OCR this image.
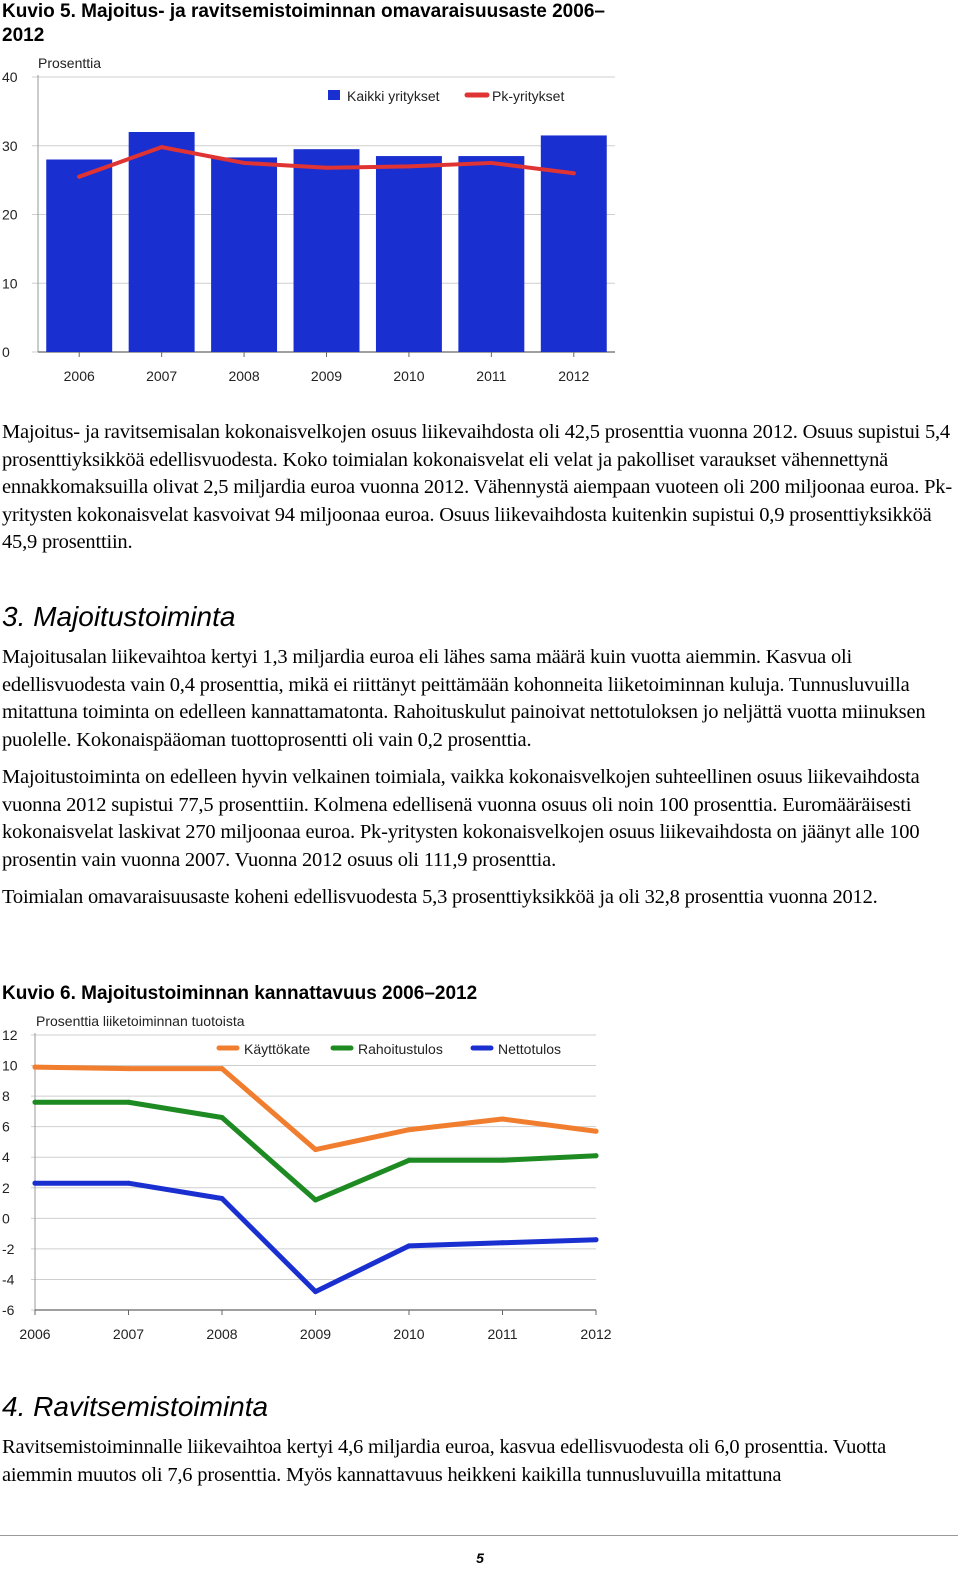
Kuvio 5. Majoitus- ja ravitsemistoiminnan omavaraisuusaste 2006–2012
Prosenttia
0
10
20
30
40
2006	2007	2008	2009	2010	2011	2012
Kaikki yritykset	Pk-yritykset

Majoitus- ja ravitsemisalan kokonaisvelkojen osuus liikevaihdosta oli 42,5 prosenttia vuonna 2012. Osuus supistui 5,4 prosenttiyksikköä edellisvuodesta. Koko toimialan kokonaisvelat eli velat ja pakolliset varaukset vähennettynä ennakkomaksuilla olivat 2,5 miljardia euroa vuonna 2012. Vähennystä aiempaan vuoteen oli 200 miljoonaa euroa. Pk-yritysten kokonaisvelat kasvoivat 94 miljoonaa euroa. Osuus liikevaihdosta kuitenkin supistui 0,9 prosenttiyksikköä 45,9 prosenttiin.

3. Majoitustoiminta

Majoitusalan liikevaihtoa kertyi 1,3 miljardia euroa eli lähes sama määrä kuin vuotta aiemmin. Kasvua oli edellisvuodesta vain 0,4 prosenttia, mikä ei riittänyt peittämään kohonneita liiketoiminnan kuluja. Tunnusluvuilla mitattuna toiminta on edelleen kannattamatonta. Rahoituskulut painoivat nettotuloksen jo neljättä vuotta miinuksen puolelle. Kokonaispääoman tuottoprosentti oli vain 0,2 prosenttia.

Majoitustoiminta on edelleen hyvin velkainen toimiala, vaikka kokonaisvelkojen suhteellinen osuus liikevaihdosta vuonna 2012 supistui 77,5 prosenttiin. Kolmena edellisenä vuonna osuus oli noin 100 prosenttia. Euromääräisesti kokonaisvelat laskivat 270 miljoonaa euroa. Pk-yritysten kokonaisvelkojen osuus liikevaihdosta on jäänyt alle 100 prosentin vain vuonna 2007. Vuonna 2012 osuus oli 111,9 prosenttia.

Toimialan omavaraisuusaste koheni edellisvuodesta 5,3 prosenttiyksikköä ja oli 32,8 prosenttia vuonna 2012.

Kuvio 6. Majoitustoiminnan kannattavuus 2006–2012
Prosenttia liiketoiminnan tuotoista
-6
-4
-2
0
2
4
6
8
10
12
2006	2007	2008	2009	2010	2011	2012
Käyttökate	Rahoitustulos	Nettotulos
4. Ravitsemistoiminta

Ravitsemistoiminnalle liikevaihtoa kertyi 4,6 miljardia euroa, kasvua edellisvuodesta oli 6,0 prosenttia. Vuotta aiemmin muutos oli 7,6 prosenttia. Myös kannattavuus heikkeni kaikilla tunnusluvuilla mitattuna

5
